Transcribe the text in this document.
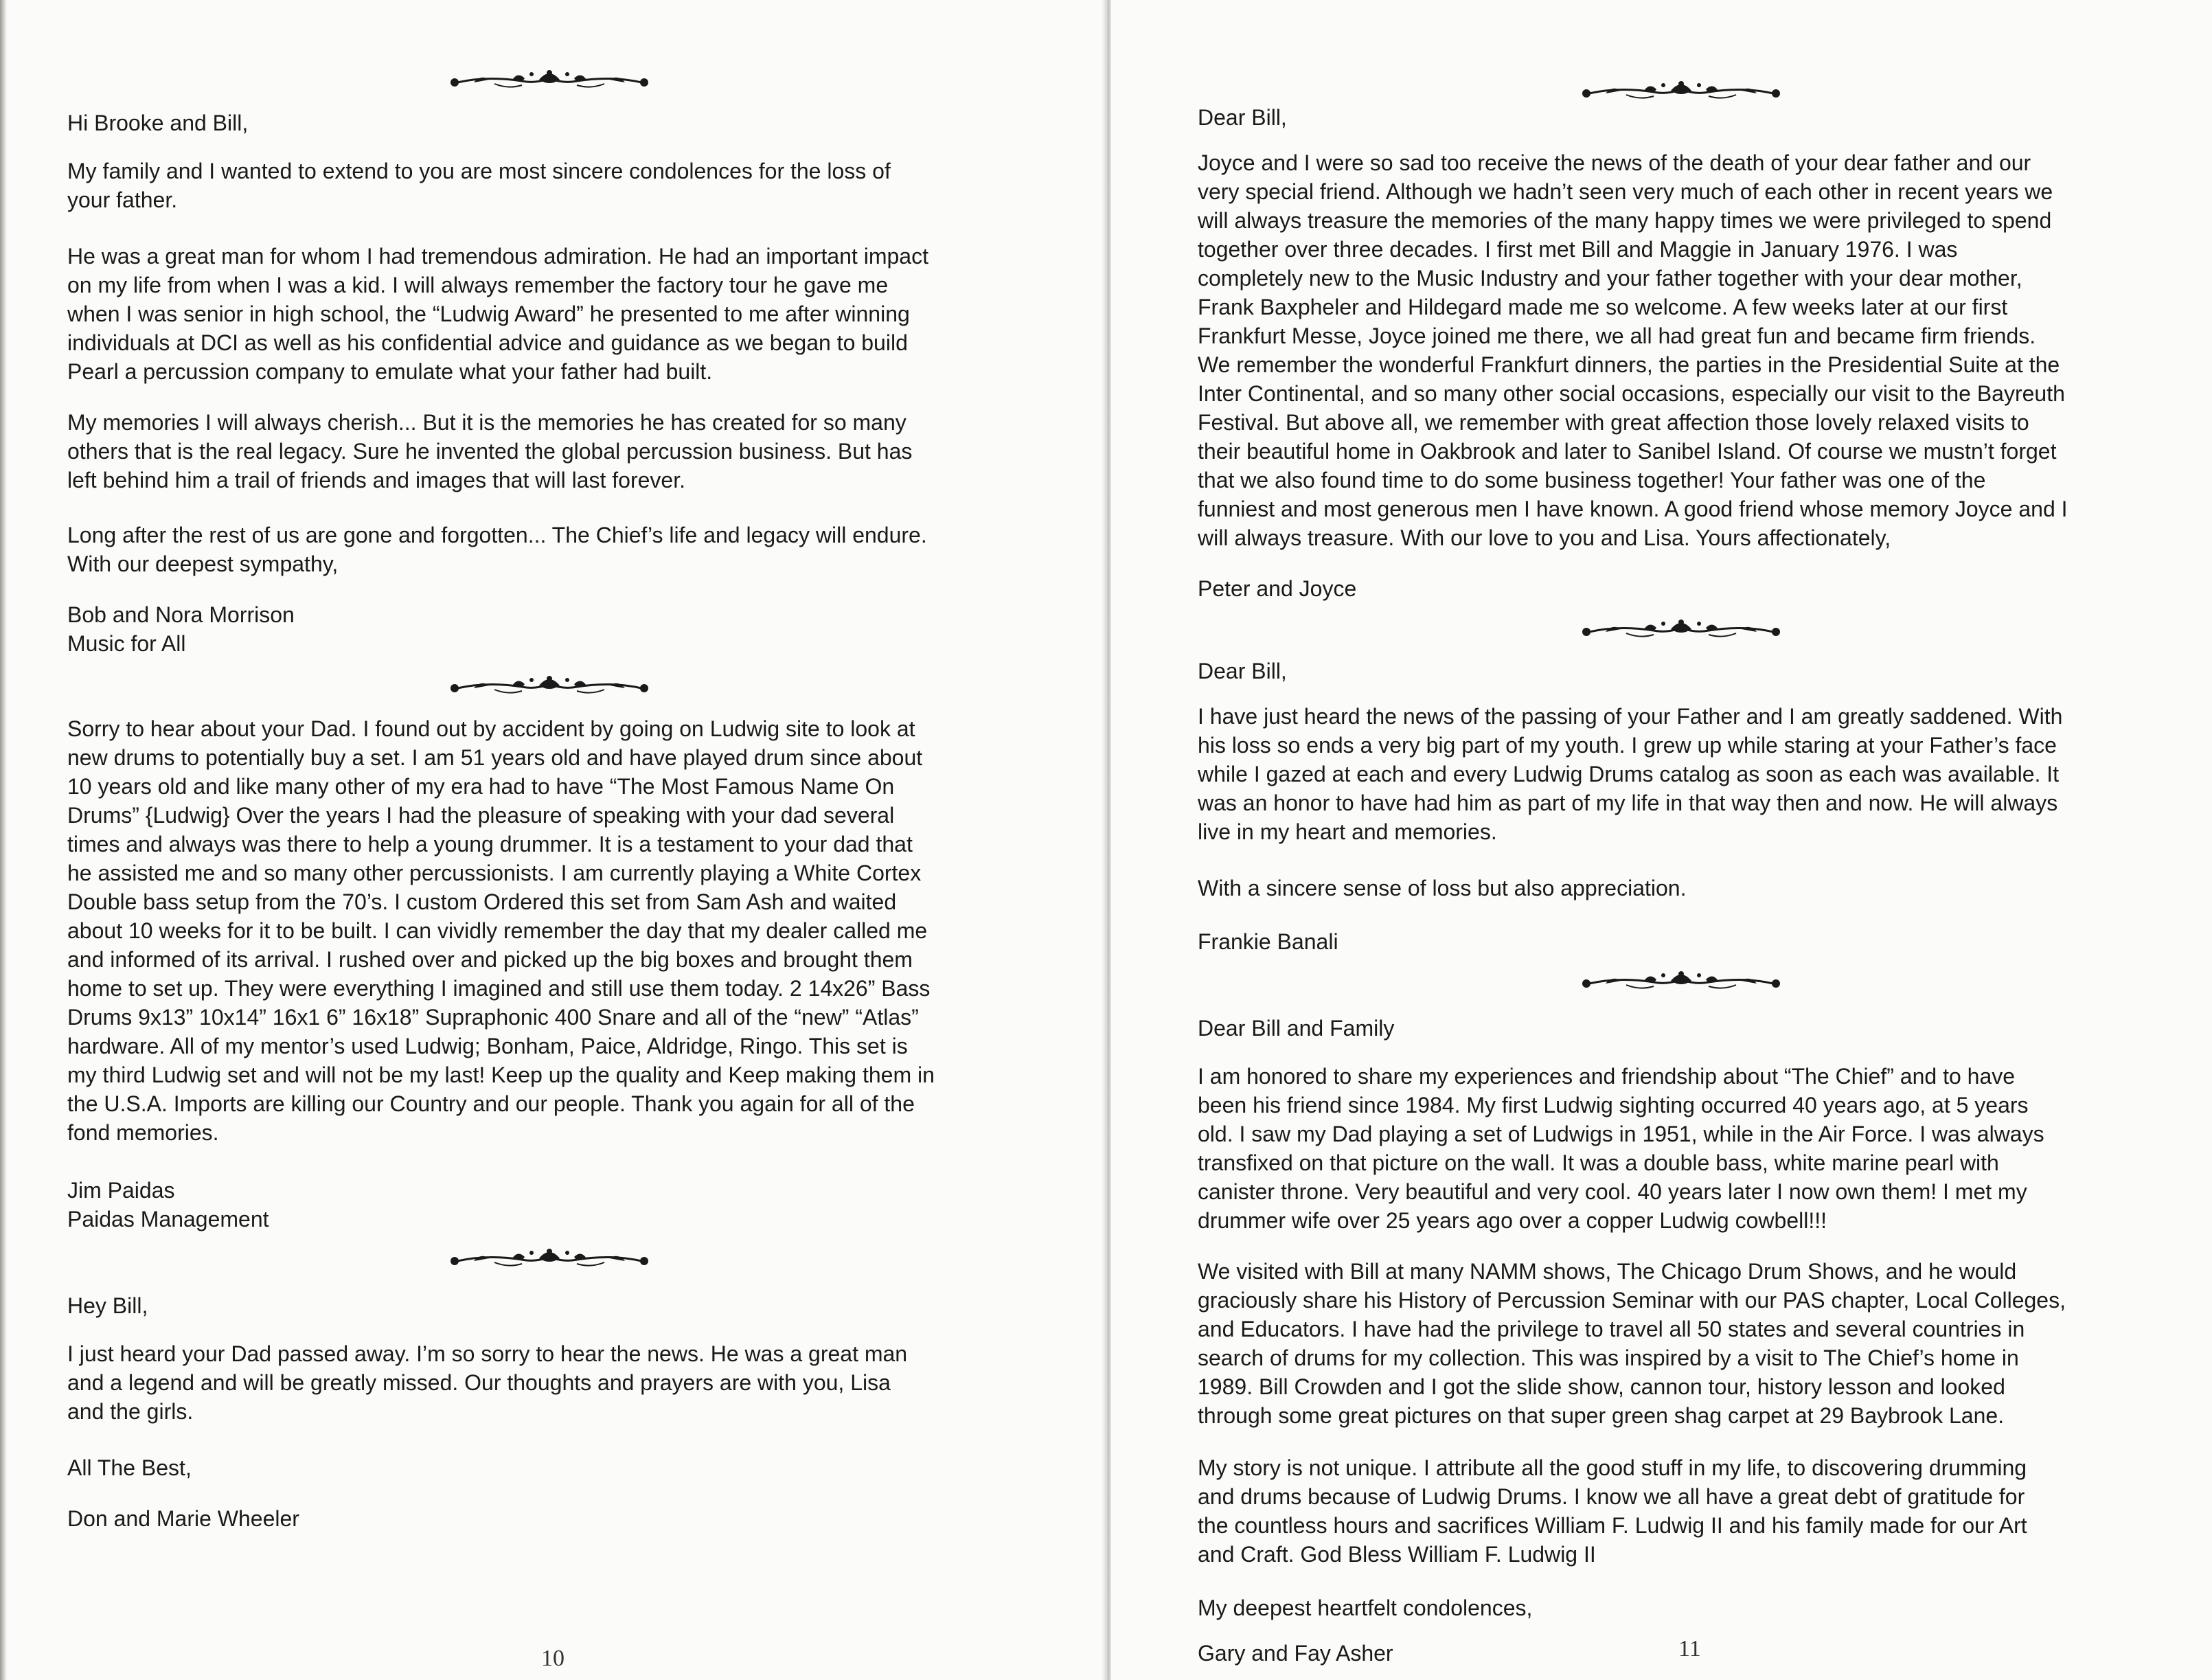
Hi Brooke and Bill,

My family and I wanted to extend to you are most sincere condolences for the loss of
your father.

He was a great man for whom I had tremendous admiration. He had an important impact
on my life from when I was a kid. I will always remember the factory tour he gave me
when I was senior in high school, the “Ludwig Award” he presented to me after winning
individuals at DCI as well as his confidential advice and guidance as we began to build
Pearl a percussion company to emulate what your father had built.

My memories I will always cherish... But it is the memories he has created for so many
others that is the real legacy. Sure he invented the global percussion business. But has
left behind him a trail of friends and images that will last forever.

Long after the rest of us are gone and forgotten... The Chief’s life and legacy will endure.
With our deepest sympathy,

Bob and Nora Morrison
Music for All

Sorry to hear about your Dad. I found out by accident by going on Ludwig site to look at
new drums to potentially buy a set. I am 51 years old and have played drum since about
10 years old and like many other of my era had to have “The Most Famous Name On
Drums” {Ludwig} Over the years I had the pleasure of speaking with your dad several
times and always was there to help a young drummer. It is a testament to your dad that
he assisted me and so many other percussionists. I am currently playing a White Cortex
Double bass setup from the 70’s. I custom Ordered this set from Sam Ash and waited
about 10 weeks for it to be built. I can vividly remember the day that my dealer called me
and informed of its arrival. I rushed over and picked up the big boxes and brought them
home to set up. They were everything I imagined and still use them today. 2 14x26” Bass
Drums 9x13” 10x14” 16x1 6” 16x18” Supraphonic 400 Snare and all of the “new” “Atlas”
hardware. All of my mentor’s used Ludwig; Bonham, Paice, Aldridge, Ringo. This set is
my third Ludwig set and will not be my last! Keep up the quality and Keep making them in
the U.S.A. Imports are killing our Country and our people. Thank you again for all of the
fond memories.

Jim Paidas
Paidas Management

Hey Bill,

I just heard your Dad passed away. I’m so sorry to hear the news. He was a great man
and a legend and will be greatly missed. Our thoughts and prayers are with you, Lisa
and the girls.

All The Best,

Don and Marie Wheeler

10

Dear Bill,

Joyce and I were so sad too receive the news of the death of your dear father and our
very special friend. Although we hadn’t seen very much of each other in recent years we
will always treasure the memories of the many happy times we were privileged to spend
together over three decades. I first met Bill and Maggie in January 1976. I was
completely new to the Music Industry and your father together with your dear mother,
Frank Baxpheler and Hildegard made me so welcome. A few weeks later at our first
Frankfurt Messe, Joyce joined me there, we all had great fun and became firm friends.
We remember the wonderful Frankfurt dinners, the parties in the Presidential Suite at the
Inter Continental, and so many other social occasions, especially our visit to the Bayreuth
Festival. But above all, we remember with great affection those lovely relaxed visits to
their beautiful home in Oakbrook and later to Sanibel Island. Of course we mustn’t forget
that we also found time to do some business together! Your father was one of the
funniest and most generous men I have known. A good friend whose memory Joyce and I
will always treasure. With our love to you and Lisa. Yours affectionately,

Peter and Joyce

Dear Bill,

I have just heard the news of the passing of your Father and I am greatly saddened. With
his loss so ends a very big part of my youth. I grew up while staring at your Father’s face
while I gazed at each and every Ludwig Drums catalog as soon as each was available. It
was an honor to have had him as part of my life in that way then and now. He will always
live in my heart and memories.

With a sincere sense of loss but also appreciation.

Frankie Banali

Dear Bill and Family

I am honored to share my experiences and friendship about “The Chief” and to have
been his friend since 1984. My first Ludwig sighting occurred 40 years ago, at 5 years
old. I saw my Dad playing a set of Ludwigs in 1951, while in the Air Force. I was always
transfixed on that picture on the wall. It was a double bass, white marine pearl with
canister throne. Very beautiful and very cool. 40 years later I now own them! I met my
drummer wife over 25 years ago over a copper Ludwig cowbell!!!

We visited with Bill at many NAMM shows, The Chicago Drum Shows, and he would
graciously share his History of Percussion Seminar with our PAS chapter, Local Colleges,
and Educators. I have had the privilege to travel all 50 states and several countries in
search of drums for my collection. This was inspired by a visit to The Chief’s home in
1989. Bill Crowden and I got the slide show, cannon tour, history lesson and looked
through some great pictures on that super green shag carpet at 29 Baybrook Lane.

My story is not unique. I attribute all the good stuff in my life, to discovering drumming
and drums because of Ludwig Drums. I know we all have a great debt of gratitude for
the countless hours and sacrifices William F. Ludwig II and his family made for our Art
and Craft. God Bless William F. Ludwig II

My deepest heartfelt condolences,

Gary and Fay Asher	11
